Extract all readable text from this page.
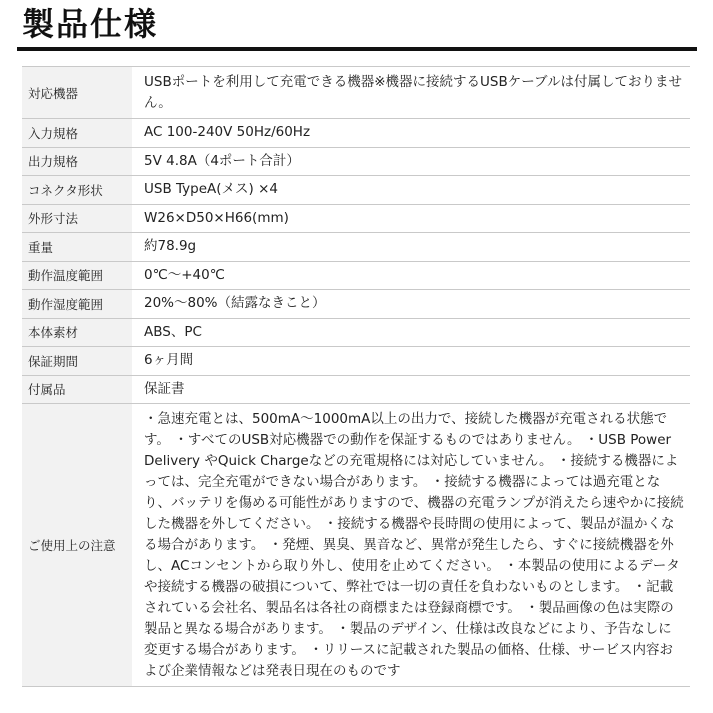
製品仕様
対応機器	USBポートを利用して充電できる機器※機器に接続するUSBケーブルは付属しておりません。
入力規格	AC 100-240V 50Hz/60Hz
出力規格	5V 4.8A（4ポート合計）
コネクタ形状	USB TypeA(メス) ×4
外形寸法	W26×D50×H66(mm)
重量	約78.9g
動作温度範囲	0℃～+40℃
動作湿度範囲	20%～80%（結露なきこと）
本体素材	ABS、PC
保証期間	6ヶ月間
付属品	保証書
ご使用上の注意	・急速充電とは、500mA～1000mA以上の出力で、接続した機器が充電される状態です。 ・すべてのUSB対応機器での動作を保証するものではありません。 ・USB Power Delivery やQuick Chargeなどの充電規格には対応していません。 ・接続する機器によっては、完全充電ができない場合があります。 ・接続する機器によっては過充電となり、バッテリを傷める可能性がありますので、機器の充電ランプが消えたら速やかに接続した機器を外してください。 ・接続する機器や長時間の使用によって、製品が温かくなる場合があります。 ・発煙、異臭、異音など、異常が発生したら、すぐに接続機器を外し、ACコンセントから取り外し、使用を止めてください。 ・本製品の使用によるデータや接続する機器の破損について、弊社では一切の責任を負わないものとします。 ・記載されている会社名、製品名は各社の商標または登録商標です。 ・製品画像の色は実際の製品と異なる場合があります。 ・製品のデザイン、仕様は改良などにより、予告なしに変更する場合があります。 ・リリースに記載された製品の価格、仕様、サービス内容および企業情報などは発表日現在のものです
